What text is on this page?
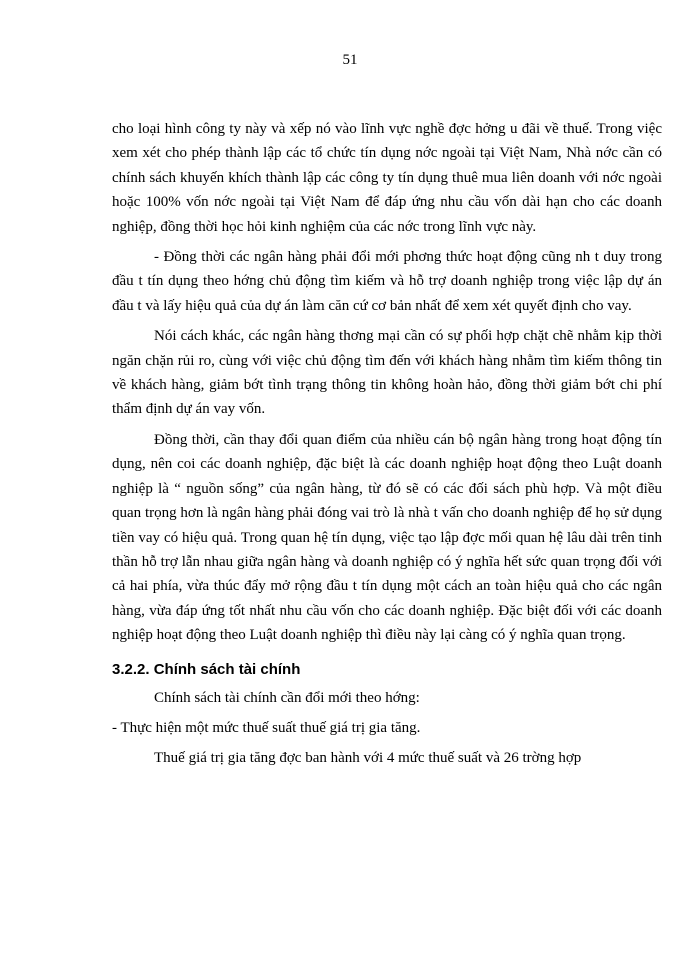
51

cho loại hình công ty này và xếp nó vào lĩnh vực nghề đợc hởng u đãi về thuế. Trong việc xem xét cho phép thành lập các tổ chức tín dụng nớc ngoài tại Việt Nam, Nhà nớc cần có chính sách khuyến khích thành lập các công ty tín dụng thuê mua liên doanh với nớc ngoài hoặc 100% vốn nớc ngoài tại Việt Nam để đáp ứng nhu cầu vốn dài hạn cho các doanh nghiệp, đồng thời học hỏi kinh nghiệm của các nớc trong lĩnh vực này.

- Đồng thời các ngân hàng phải đổi mới phơng thức hoạt động cũng nh t duy trong đầu t tín dụng theo hớng chủ động tìm kiếm và hỗ trợ doanh nghiệp trong việc lập dự án đầu t và lấy hiệu quả của dự án làm căn cứ cơ bản nhất để xem xét quyết định cho vay.

Nói cách khác, các ngân hàng thơng mại cần có sự phối hợp chặt chẽ nhằm kịp thời ngăn chặn rủi ro, cùng với việc chủ động tìm đến với khách hàng nhằm tìm kiếm thông tin về khách hàng, giảm bớt tình trạng thông tin không hoàn hảo, đồng thời giảm bớt chi phí thẩm định dự án vay vốn.

Đồng thời, cần thay đổi quan điểm của nhiều cán bộ ngân hàng trong hoạt động tín dụng, nên coi các doanh nghiệp, đặc biệt là các doanh nghiệp hoạt động theo Luật doanh nghiệp là “ nguồn sống” của ngân hàng, từ đó sẽ có các đối sách phù hợp. Và một điều quan trọng hơn là ngân hàng phải đóng vai trò là nhà t vấn cho doanh nghiệp để họ sử dụng tiền vay có hiệu quả. Trong quan hệ tín dụng, việc tạo lập đợc mối quan hệ lâu dài trên tinh thần hỗ trợ lẫn nhau giữa ngân hàng và doanh nghiệp có ý nghĩa hết sức quan trọng đối với cả hai phía, vừa thúc đẩy mở rộng đầu t tín dụng một cách an toàn hiệu quả cho các ngân hàng, vừa đáp ứng tốt nhất nhu cầu vốn cho các doanh nghiệp. Đặc biệt đối với các doanh nghiệp hoạt động theo Luật doanh nghiệp thì điều này lại càng có ý nghĩa quan trọng.

3.2.2. Chính sách tài chính

Chính sách tài chính cần đổi mới theo hớng:

- Thực hiện một mức thuế suất thuế giá trị gia tăng.

Thuế giá trị gia tăng đợc ban hành với 4 mức thuế suất và 26 trờng hợp
